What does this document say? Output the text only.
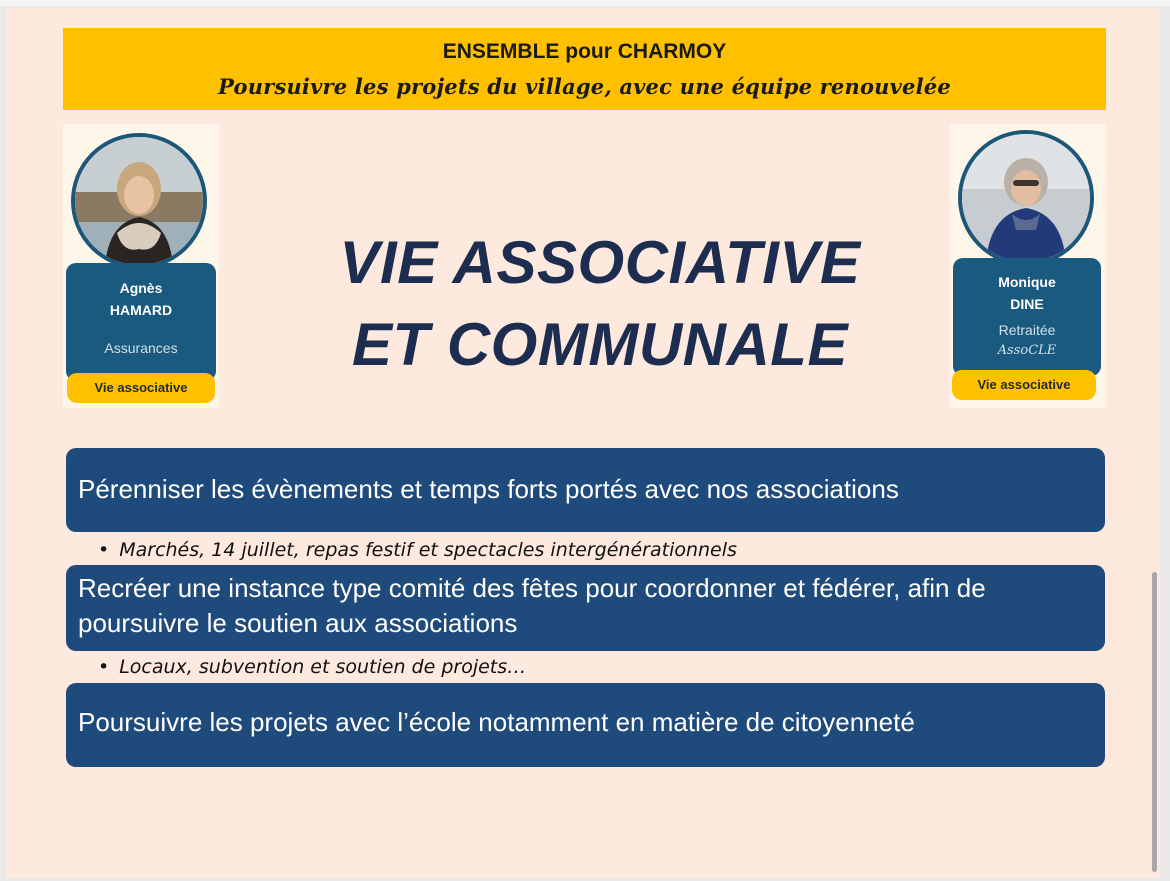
ENSEMBLE pour CHARMOY
Poursuivre les projets du village, avec une équipe renouvelée
Agnès
HAMARD
Assurances
Vie associative
Monique
DINE
Retraitée
AssoCLE
Vie associative
VIE ASSOCIATIVE
ET COMMUNALE
Pérenniser les évènements et temps forts portés avec nos associations
• Marchés, 14 juillet, repas festif et spectacles intergénérationnels
Recréer une instance type comité des fêtes pour coordonner et fédérer, afin de poursuivre le soutien aux associations
• Locaux, subvention et soutien de projets…
Poursuivre les projets avec l’école notamment en matière de citoyenneté
